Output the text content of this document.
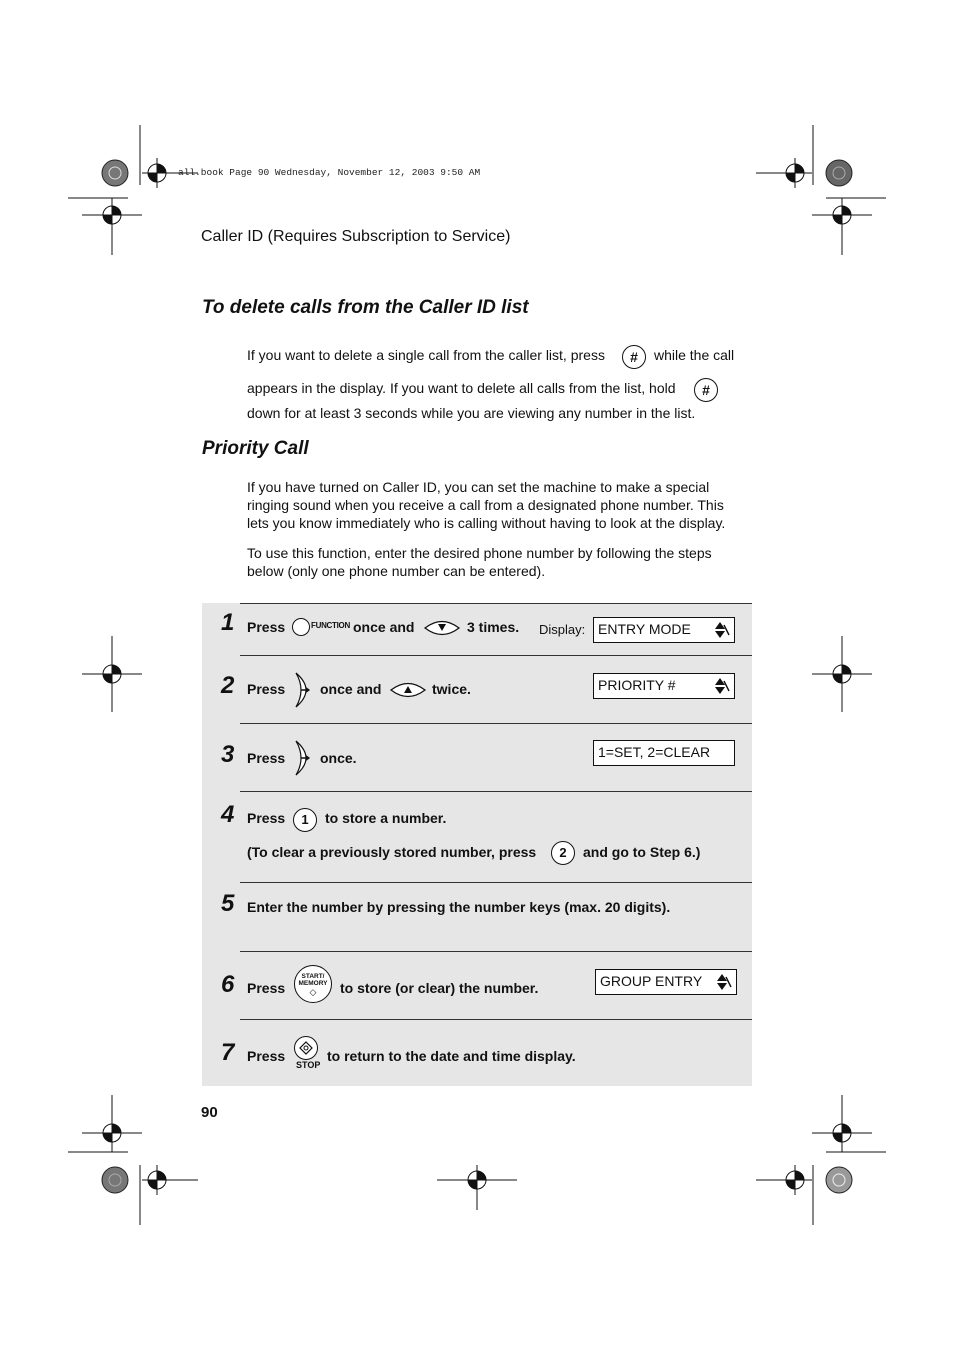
all.book Page 90 Wednesday, November 12, 2003 9:50 AM
Caller ID (Requires Subscription to Service)
To delete calls from the Caller ID list
If you want to delete a single call from the caller list, press	#	while the call
appears in the display. If you want to delete all calls from the list, hold	#
down for at least 3 seconds while you are viewing any number in the list.
Priority Call
If you have turned on Caller ID, you can set the machine to make a special ringing sound when you receive a call from a designated phone number. This lets you know immediately who is calling without having to look at the display.
To use this function, enter the desired phone number by following the steps below (only one phone number can be entered).
1 Press	FUNCTION once and	3 times. Display: ENTRY MODE
2 Press once and	twice.	PRIORITY #
3 Press once.	1=SET, 2=CLEAR
4 Press	1	to store a number.
(To clear a previously stored number, press	2	and go to Step 6.)
5 Enter the number by pressing the number keys (max. 20 digits).
6 Press
START/
MEMORY
◇	to store (or clear) the number.	GROUP ENTRY
7 Press
STOP
to return to the date and time display.
90
